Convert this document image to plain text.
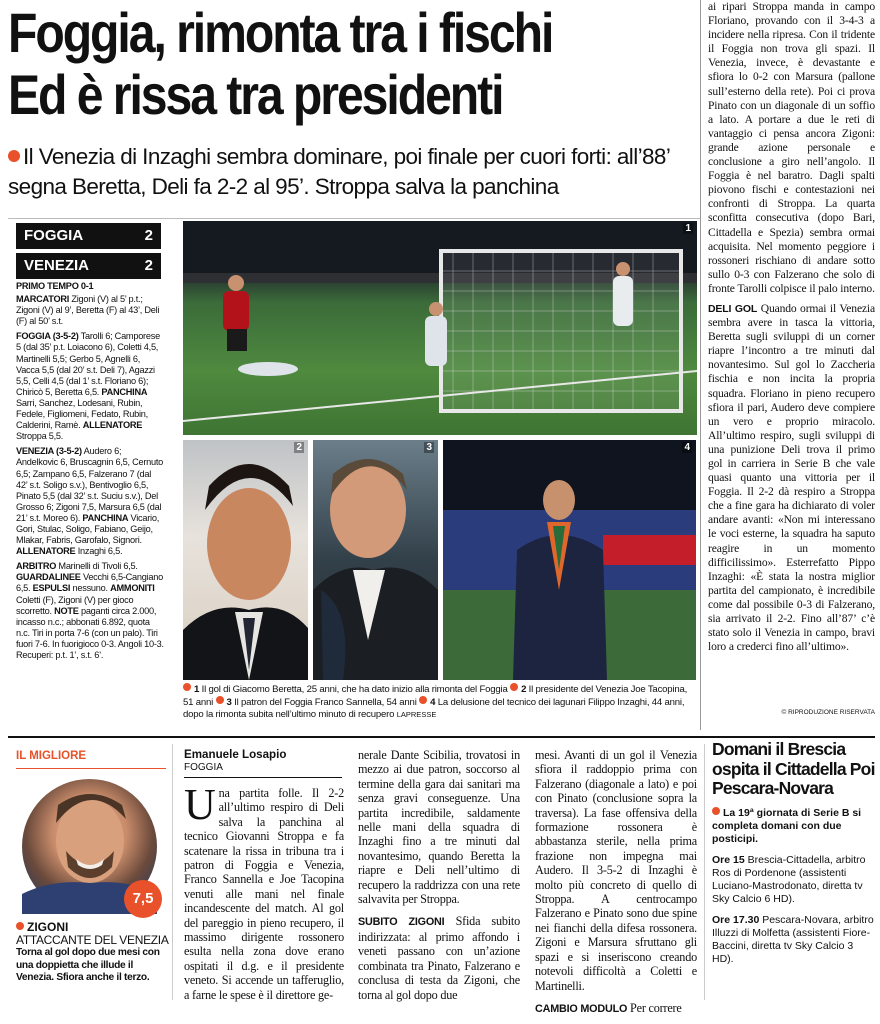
Foggia, rimonta tra i fischi
Ed è rissa tra presidenti
Il Venezia di Inzaghi sembra dominare, poi finale per cuori forti: all’88’ segna Beretta, Deli fa 2-2 al 95’. Stroppa salva la panchina
FOGGIA	2
VENEZIA	2

PRIMO TEMPO 0-1

MARCATORI Zigoni (V) al 5’ p.t.; Zigoni (V) al 9’, Beretta (F) al 43’, Deli (F) al 50’ s.t.

FOGGIA (3-5-2) Tarolli 6; Camporese 5 (dal 35’ p.t. Loiacono 6), Coletti 4,5, Martinelli 5,5; Gerbo 5, Agnelli 6, Vacca 5,5 (dal 20’ s.t. Deli 7), Agazzi 5,5, Celli 4,5 (dal 1’ s.t. Floriano 6); Chiricò 5, Beretta 6,5. PANCHINA Sarri, Sanchez, Lodesani, Rubin, Fedele, Figliomeni, Fedato, Rubin, Calderini, Ramè. ALLENATORE Stroppa 5,5.

VENEZIA (3-5-2) Audero 6; Andelkovic 6, Bruscagnin 6,5, Cernuto 6,5; Zampano 6,5, Falzerano 7 (dal 42’ s.t. Soligo s.v.), Bentivoglio 6,5, Pinato 5,5 (dal 32’ s.t. Suciu s.v.), Del Grosso 6; Zigoni 7,5, Marsura 6,5 (dal 21’ s.t. Moreo 6). PANCHINA Vicario, Gori, Stulac, Soligo, Fabiano, Geijo, Mlakar, Fabris, Garofalo, Signori. ALLENATORE Inzaghi 6,5.

ARBITRO Marinelli di Tivoli 6,5. GUARDALINEE Vecchi 6,5-Cangiano 6,5. ESPULSI nessuno. AMMONITI Coletti (F), Zigoni (V) per gioco scorretto. NOTE paganti circa 2.000, incasso n.c.; abbonati 6.892, quota n.c. Tiri in porta 7-6 (con un palo). Tiri fuori 7-6. In fuorigioco 0-3. Angoli 10-3. Recuperi: p.t. 1’, s.t. 6’.

1
2	3	4
1 Il gol di Giacomo Beretta, 25 anni, che ha dato inizio alla rimonta del Foggia 2 Il presidente del Venezia Joe Tacopina, 51 anni 3 Il patron del Foggia Franco Sannella, 54 anni 4 La delusione del tecnico dei lagunari Filippo Inzaghi, 44 anni, dopo la rimonta subita nell’ultimo minuto di recupero LAPRESSE

ai ripari Stroppa manda in campo Floriano, provando con il 3-4-3 a incidere nella ripresa. Con il tridente il Foggia non trova gli spazi. Il Venezia, invece, è devastante e sfiora lo 0-2 con Marsura (pallone sull’esterno della rete). Poi ci prova Pinato con un diagonale di un soffio a lato. A portare a due le reti di vantaggio ci pensa ancora Zigoni: grande azione personale e conclusione a giro nell’angolo. Il Foggia è nel baratro. Dagli spalti piovono fischi e contestazioni nei confronti di Stroppa. La quarta sconfitta consecutiva (dopo Bari, Cittadella e Spezia) sembra ormai acquisita. Nel momento peggiore i rossoneri rischiano di andare sotto sullo 0-3 con Falzerano che solo di fronte Tarolli colpisce il palo interno.

DELI GOL Quando ormai il Venezia sembra avere in tasca la vittoria, Beretta sugli sviluppi di un corner riapre l’incontro a tre minuti dal novantesimo. Sul gol lo Zaccheria fischia e non incita la propria squadra. Floriano in pieno recupero sfiora il pari, Audero deve compiere un vero e proprio miracolo. All’ultimo respiro, sugli sviluppi di una punizione Deli trova il primo gol in carriera in Serie B che vale quasi quanto una vittoria per il Foggia. Il 2-2 dà respiro a Stroppa che a fine gara ha dichiarato di voler andare avanti: «Non mi interessano le voci esterne, la squadra ha saputo reagire in un momento difficilissimo». Esterrefatto Pippo Inzaghi: «È stata la nostra miglior partita del campionato, è incredibile come dal possibile 0-3 di Falzerano, sia arrivato il 2-2. Fino all’87’ c’è stato solo il Venezia in campo, bravi loro a crederci fino all’ultimo».

© RIPRODUZIONE RISERVATA
IL MIGLIORE
7,5
ZIGONI
ATTACCANTE DEL VENEZIA
Torna al gol dopo due mesi con una doppietta che illude il Venezia. Sfiora anche il terzo.
Emanuele Losapio
FOGGIA
Una partita folle. Il 2-2 all’ultimo respiro di Deli salva la panchina al tecnico Giovanni Stroppa e fa scatenare la rissa in tribuna tra i patron di Foggia e Venezia, Franco Sannella e Joe Tacopina venuti alle mani nel finale incandescente del match. Al gol del pareggio in pieno recupero, il massimo dirigente rossonero esulta nella zona dove erano ospitati il d.g. e il presidente veneto. Si accende un tafferuglio, a farne le spese è il direttore ge-

nerale Dante Scibilia, trovatosi in mezzo ai due patron, soccorso al termine della gara dai sanitari ma senza gravi conseguenze. Una partita incredibile, saldamente nelle mani della squadra di Inzaghi fino a tre minuti dal novantesimo, quando Beretta la riapre e Deli nell’ultimo di recupero la raddrizza con una rete salvavita per Stroppa.

SUBITO ZIGONI Sfida subito indirizzata: al primo affondo i veneti passano con un’azione combinata tra Pinato, Falzerano e conclusa di testa da Zigoni, che torna al gol dopo due

mesi. Avanti di un gol il Venezia sfiora il raddoppio prima con Falzerano (diagonale a lato) e poi con Pinato (conclusione sopra la traversa). La fase offensiva della formazione rossonera è abbastanza sterile, nella prima frazione non impegna mai Audero. Il 3-5-2 di Inzaghi è molto più concreto di quello di Stroppa. A centrocampo Falzerano e Pinato sono due spine nei fianchi della difesa rossonera. Zigoni e Marsura sfruttano gli spazi e si inseriscono creando notevoli difficoltà a Coletti e Martinelli.

CAMBIO MODULO Per correre

Domani il Brescia ospita il Cittadella Poi Pescara-Novara
La 19ª giornata di Serie B si completa domani con due posticipi.
Ore 15 Brescia-Cittadella, arbitro Ros di Pordenone (assistenti Luciano-Mastrodonato, diretta tv Sky Calcio 6 HD).
Ore 17.30 Pescara-Novara, arbitro Illuzzi di Molfetta (assistenti Fiore-Baccini, diretta tv Sky Calcio 3 HD).
